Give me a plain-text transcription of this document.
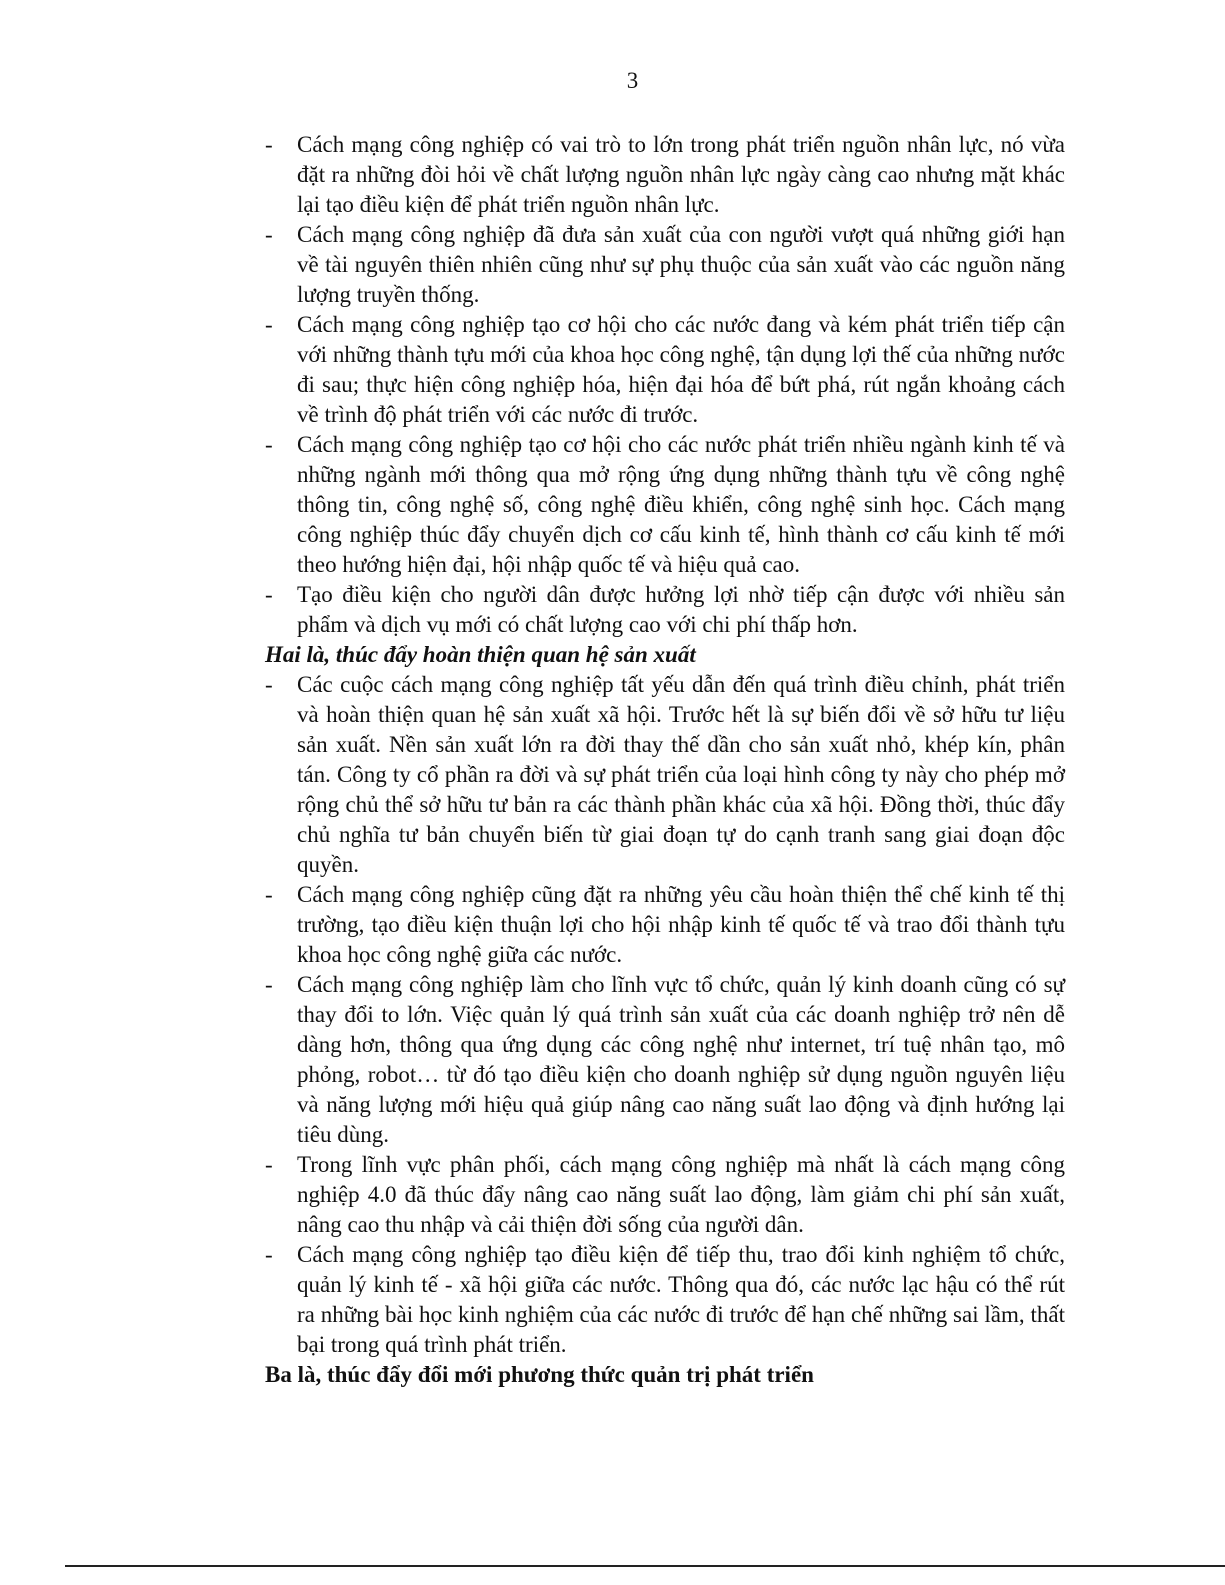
3
- Cách mạng công nghiệp có vai trò to lớn trong phát triển nguồn nhân lực, nó vừa đặt ra những đòi hỏi về chất lượng nguồn nhân lực ngày càng cao nhưng mặt khác lại tạo điều kiện để phát triển nguồn nhân lực.
- Cách mạng công nghiệp đã đưa sản xuất của con người vượt quá những giới hạn về tài nguyên thiên nhiên cũng như sự phụ thuộc của sản xuất vào các nguồn năng lượng truyền thống.
- Cách mạng công nghiệp tạo cơ hội cho các nước đang và kém phát triển tiếp cận với những thành tựu mới của khoa học công nghệ, tận dụng lợi thế của những nước đi sau; thực hiện công nghiệp hóa, hiện đại hóa để bứt phá, rút ngắn khoảng cách về trình độ phát triển với các nước đi trước.
- Cách mạng công nghiệp tạo cơ hội cho các nước phát triển nhiều ngành kinh tế và những ngành mới thông qua mở rộng ứng dụng những thành tựu về công nghệ thông tin, công nghệ số, công nghệ điều khiển, công nghệ sinh học. Cách mạng công nghiệp thúc đẩy chuyển dịch cơ cấu kinh tế, hình thành cơ cấu kinh tế mới theo hướng hiện đại, hội nhập quốc tế và hiệu quả cao.
- Tạo điều kiện cho người dân được hưởng lợi nhờ tiếp cận được với nhiều sản phẩm và dịch vụ mới có chất lượng cao với chi phí thấp hơn.
Hai là, thúc đẩy hoàn thiện quan hệ sản xuất
- Các cuộc cách mạng công nghiệp tất yếu dẫn đến quá trình điều chỉnh, phát triển và hoàn thiện quan hệ sản xuất xã hội. Trước hết là sự biến đổi về sở hữu tư liệu sản xuất. Nền sản xuất lớn ra đời thay thế dần cho sản xuất nhỏ, khép kín, phân tán. Công ty cổ phần ra đời và sự phát triển của loại hình công ty này cho phép mở rộng chủ thể sở hữu tư bản ra các thành phần khác của xã hội. Đồng thời, thúc đẩy chủ nghĩa tư bản chuyển biến từ giai đoạn tự do cạnh tranh sang giai đoạn độc quyền.
- Cách mạng công nghiệp cũng đặt ra những yêu cầu hoàn thiện thể chế kinh tế thị trường, tạo điều kiện thuận lợi cho hội nhập kinh tế quốc tế và trao đổi thành tựu khoa học công nghệ giữa các nước.
- Cách mạng công nghiệp làm cho lĩnh vực tổ chức, quản lý kinh doanh cũng có sự thay đổi to lớn. Việc quản lý quá trình sản xuất của các doanh nghiệp trở nên dễ dàng hơn, thông qua ứng dụng các công nghệ như internet, trí tuệ nhân tạo, mô phỏng, robot… từ đó tạo điều kiện cho doanh nghiệp sử dụng nguồn nguyên liệu và năng lượng mới hiệu quả giúp nâng cao năng suất lao động và định hướng lại tiêu dùng.
- Trong lĩnh vực phân phối, cách mạng công nghiệp mà nhất là cách mạng công nghiệp 4.0 đã thúc đẩy nâng cao năng suất lao động, làm giảm chi phí sản xuất, nâng cao thu nhập và cải thiện đời sống của người dân.
- Cách mạng công nghiệp tạo điều kiện để tiếp thu, trao đổi kinh nghiệm tổ chức, quản lý kinh tế - xã hội giữa các nước. Thông qua đó, các nước lạc hậu có thể rút ra những bài học kinh nghiệm của các nước đi trước để hạn chế những sai lầm, thất bại trong quá trình phát triển.
Ba là, thúc đẩy đổi mới phương thức quản trị phát triển
